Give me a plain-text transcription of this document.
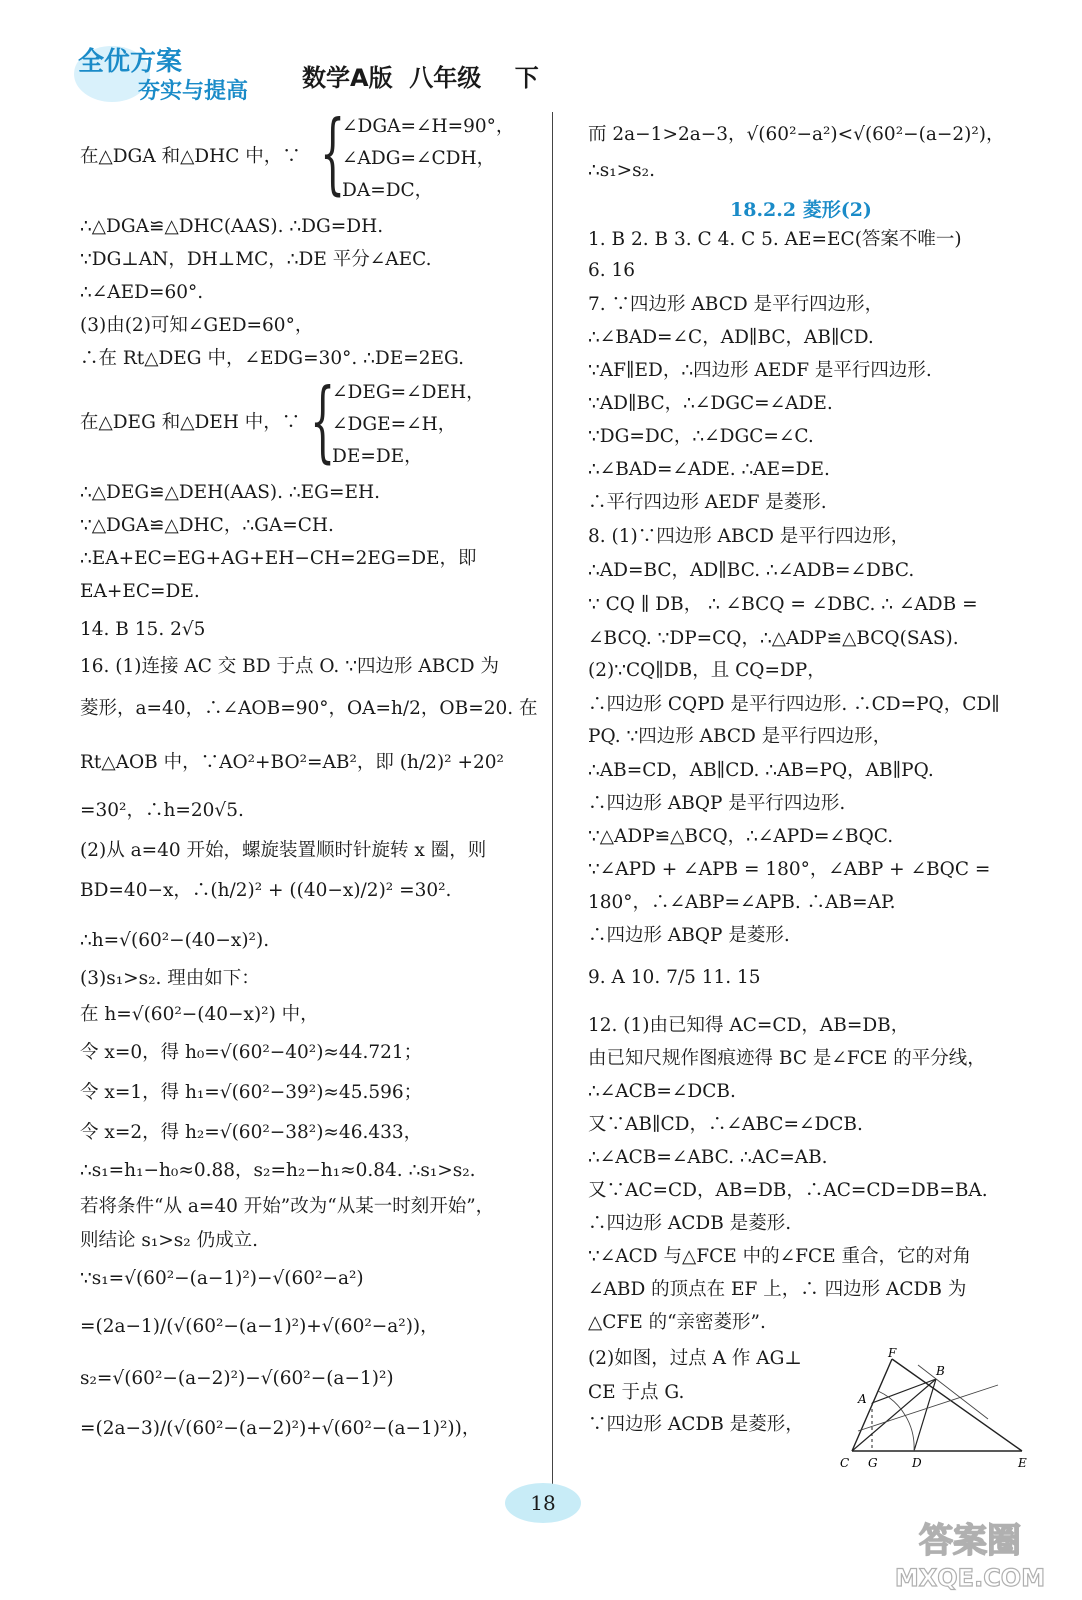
全优方案
夯实与提高 数学A版  八年级    下
在△DGA 和△DHC 中，∵ {
∠DGA=∠H=90°，
∠ADG=∠CDH，
DA=DC，
∴△DGA≌△DHC(AAS). ∴DG=DH.
∵DG⊥AN，DH⊥MC，∴DE 平分∠AEC.
∴∠AED=60°.
(3)由(2)可知∠GED=60°，
∴在 Rt△DEG 中，∠EDG=30°. ∴DE=2EG.
在△DEG 和△DEH 中，∵ {
∠DEG=∠DEH，
∠DGE=∠H，
DE=DE，
∴△DEG≌△DEH(AAS). ∴EG=EH.
∵△DGA≌△DHC，∴GA=CH.
∴EA+EC=EG+AG+EH−CH=2EG=DE，即
EA+EC=DE.
14. B 15. 2√5
16. (1)连接 AC 交 BD 于点 O. ∵四边形 ABCD 为
菱形，a=40，∴∠AOB=90°，OA=h/2，OB=20. 在
Rt△AOB 中，∵AO²+BO²=AB²，即 (h/2)² +20²
=30²，∴h=20√5.
(2)从 a=40 开始，螺旋装置顺时针旋转 x 圈，则
BD=40−x，∴(h/2)² + ((40−x)/2)² =30².
∴h=√(60²−(40−x)²).
(3)s₁>s₂. 理由如下：
在 h=√(60²−(40−x)²) 中，
令 x=0，得 h₀=√(60²−40²)≈44.721；
令 x=1，得 h₁=√(60²−39²)≈45.596；
令 x=2，得 h₂=√(60²−38²)≈46.433，
∴s₁=h₁−h₀≈0.88，s₂=h₂−h₁≈0.84. ∴s₁>s₂.
若将条件“从 a=40 开始”改为“从某一时刻开始”，
则结论 s₁>s₂ 仍成立.
∵s₁=√(60²−(a−1)²)−√(60²−a²)
=(2a−1)/(√(60²−(a−1)²)+√(60²−a²))，
s₂=√(60²−(a−2)²)−√(60²−(a−1)²)
=(2a−3)/(√(60²−(a−2)²)+√(60²−(a−1)²))，
而 2a−1>2a−3，√(60²−a²)<√(60²−(a−2)²)，
∴s₁>s₂.
18.2.2 菱形(2)
1. B 2. B 3. C 4. C 5. AE=EC(答案不唯一)
6. 16
7. ∵四边形 ABCD 是平行四边形，
∴∠BAD=∠C，AD∥BC，AB∥CD.
∵AF∥ED，∴四边形 AEDF 是平行四边形.
∵AD∥BC，∴∠DGC=∠ADE.
∵DG=DC，∴∠DGC=∠C.
∴∠BAD=∠ADE. ∴AE=DE.
∴平行四边形 AEDF 是菱形.
8. (1)∵四边形 ABCD 是平行四边形，
∴AD=BC，AD∥BC. ∴∠ADB=∠DBC.
∵ CQ ∥ DB， ∴ ∠BCQ = ∠DBC. ∴ ∠ADB =
∠BCQ. ∵DP=CQ，∴△ADP≌△BCQ(SAS).
(2)∵CQ∥DB，且 CQ=DP，
∴四边形 CQPD 是平行四边形. ∴CD=PQ，CD∥
PQ. ∵四边形 ABCD 是平行四边形，
∴AB=CD，AB∥CD. ∴AB=PQ，AB∥PQ.
∴四边形 ABQP 是平行四边形.
∵△ADP≌△BCQ，∴∠APD=∠BQC.
∵∠APD + ∠APB = 180°，∠ABP + ∠BQC =
180°，∴∠ABP=∠APB. ∴AB=AP.
∴四边形 ABQP 是菱形.
9. A 10. 7/5 11. 15
12. (1)由已知得 AC=CD，AB=DB，
由已知尺规作图痕迹得 BC 是∠FCE 的平分线，
∴∠ACB=∠DCB.
又∵AB∥CD，∴∠ABC=∠DCB.
∴∠ACB=∠ABC. ∴AC=AB.
又∵AC=CD，AB=DB，∴AC=CD=DB=BA.
∴四边形 ACDB 是菱形.
∵∠ACD 与△FCE 中的∠FCE 重合，它的对角
∠ABD 的顶点在 EF 上，∴ 四边形 ACDB 为
△CFE 的“亲密菱形”.
(2)如图，过点 A 作 AG⊥
CE 于点 G.
∵四边形 ACDB 是菱形，
F
B
A
C G	D	E
18
答案圈
MXQE.COM
